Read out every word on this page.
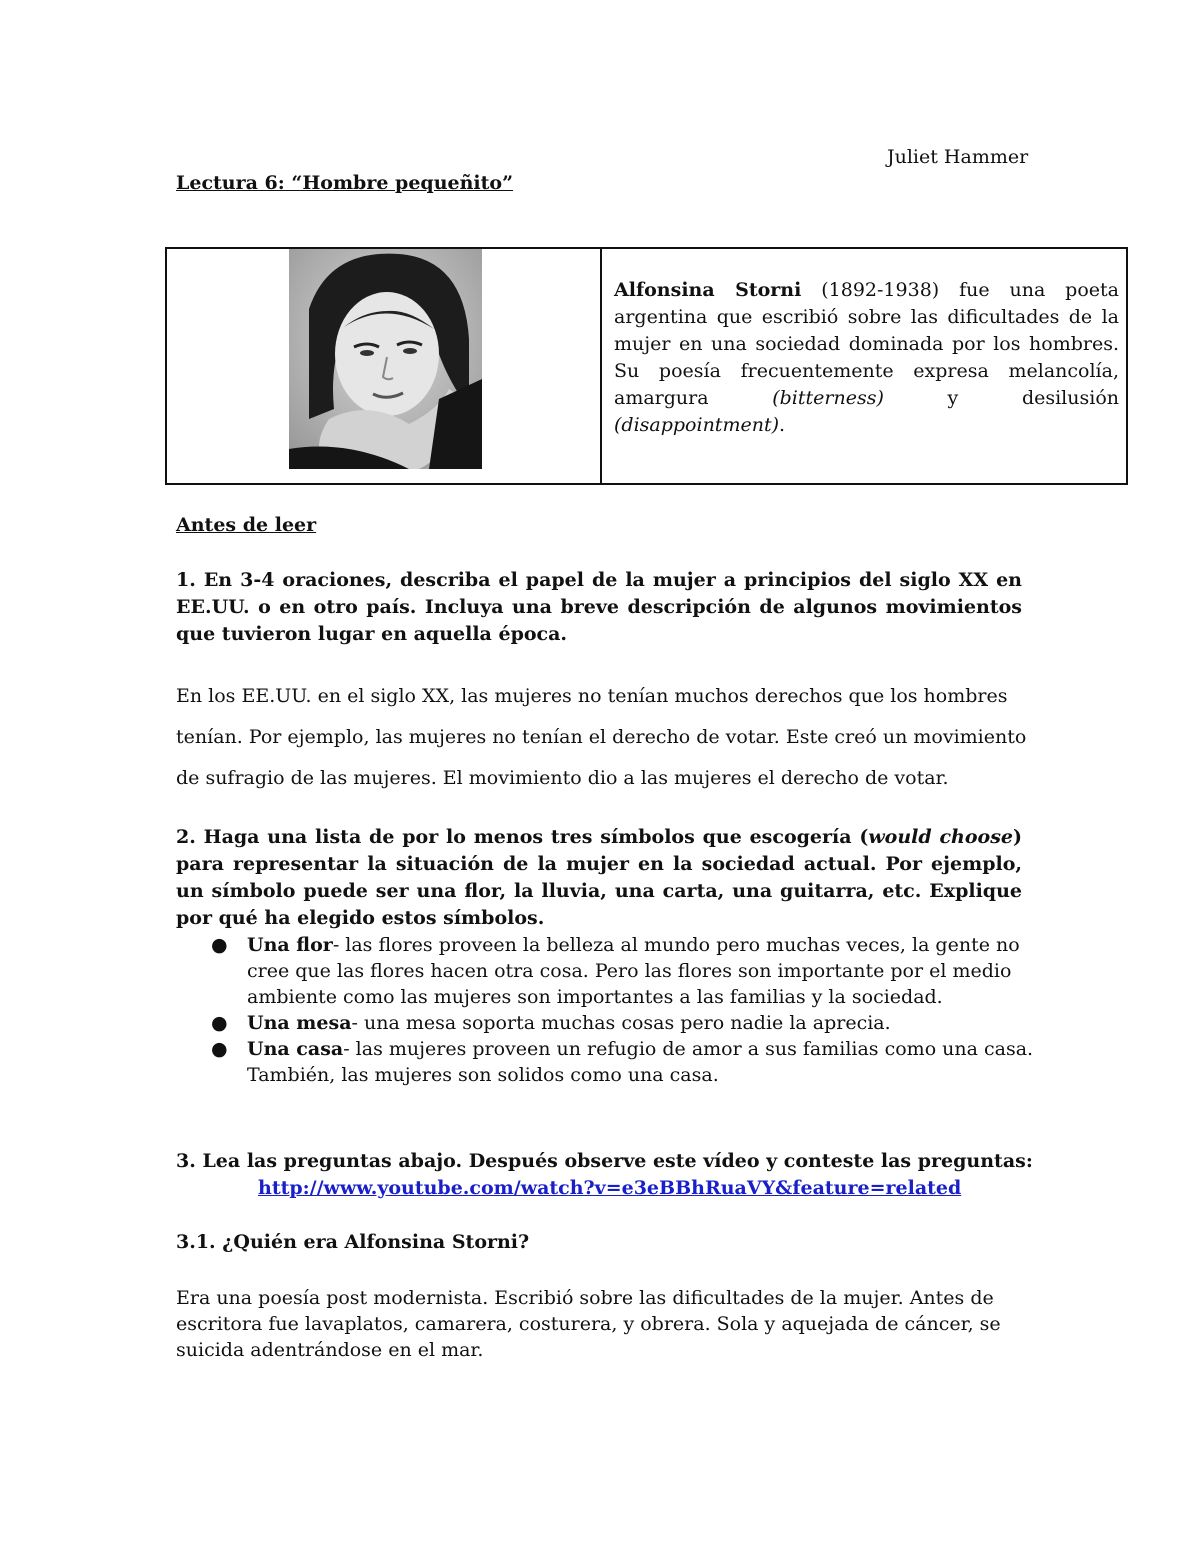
Juliet Hammer
Lectura 6: “Hombre pequeñito”
Alfonsina Storni (1892-1938) fue una poeta argentina que escribió sobre las dificultades de la mujer en una sociedad dominada por los hombres. Su poesía frecuentemente expresa melancolía, amargura (bitterness) y desilusión (disappointment).
Antes de leer
1. En 3-4 oraciones, describa el papel de la mujer a principios del siglo XX en EE.UU. o en otro país. Incluya una breve descripción de algunos movimientos que tuvieron lugar en aquella época.
En los EE.UU. en el siglo XX, las mujeres no tenían muchos derechos que los hombres tenían. Por ejemplo, las mujeres no tenían el derecho de votar. Este creó un movimiento de sufragio de las mujeres. El movimiento dio a las mujeres el derecho de votar.
2. Haga una lista de por lo menos tres símbolos que escogería (would choose) para representar la situación de la mujer en la sociedad actual. Por ejemplo, un símbolo puede ser una flor, la lluvia, una carta, una guitarra, etc. Explique por qué ha elegido estos símbolos.
● Una flor- las flores proveen la belleza al mundo pero muchas veces, la gente no cree que las flores hacen otra cosa. Pero las flores son importante por el medio ambiente como las mujeres son importantes a las familias y la sociedad.
● Una mesa- una mesa soporta muchas cosas pero nadie la aprecia.
● Una casa- las mujeres proveen un refugio de amor a sus familias como una casa. También, las mujeres son solidos como una casa.
3. Lea las preguntas abajo. Después observe este vídeo y conteste las preguntas:
http://www.youtube.com/watch?v=e3eBBhRuaVY&feature=related
3.1. ¿Quién era Alfonsina Storni?
Era una poesía post modernista. Escribió sobre las dificultades de la mujer. Antes de escritora fue lavaplatos, camarera, costurera, y obrera. Sola y aquejada de cáncer, se suicida adentrándose en el mar.
